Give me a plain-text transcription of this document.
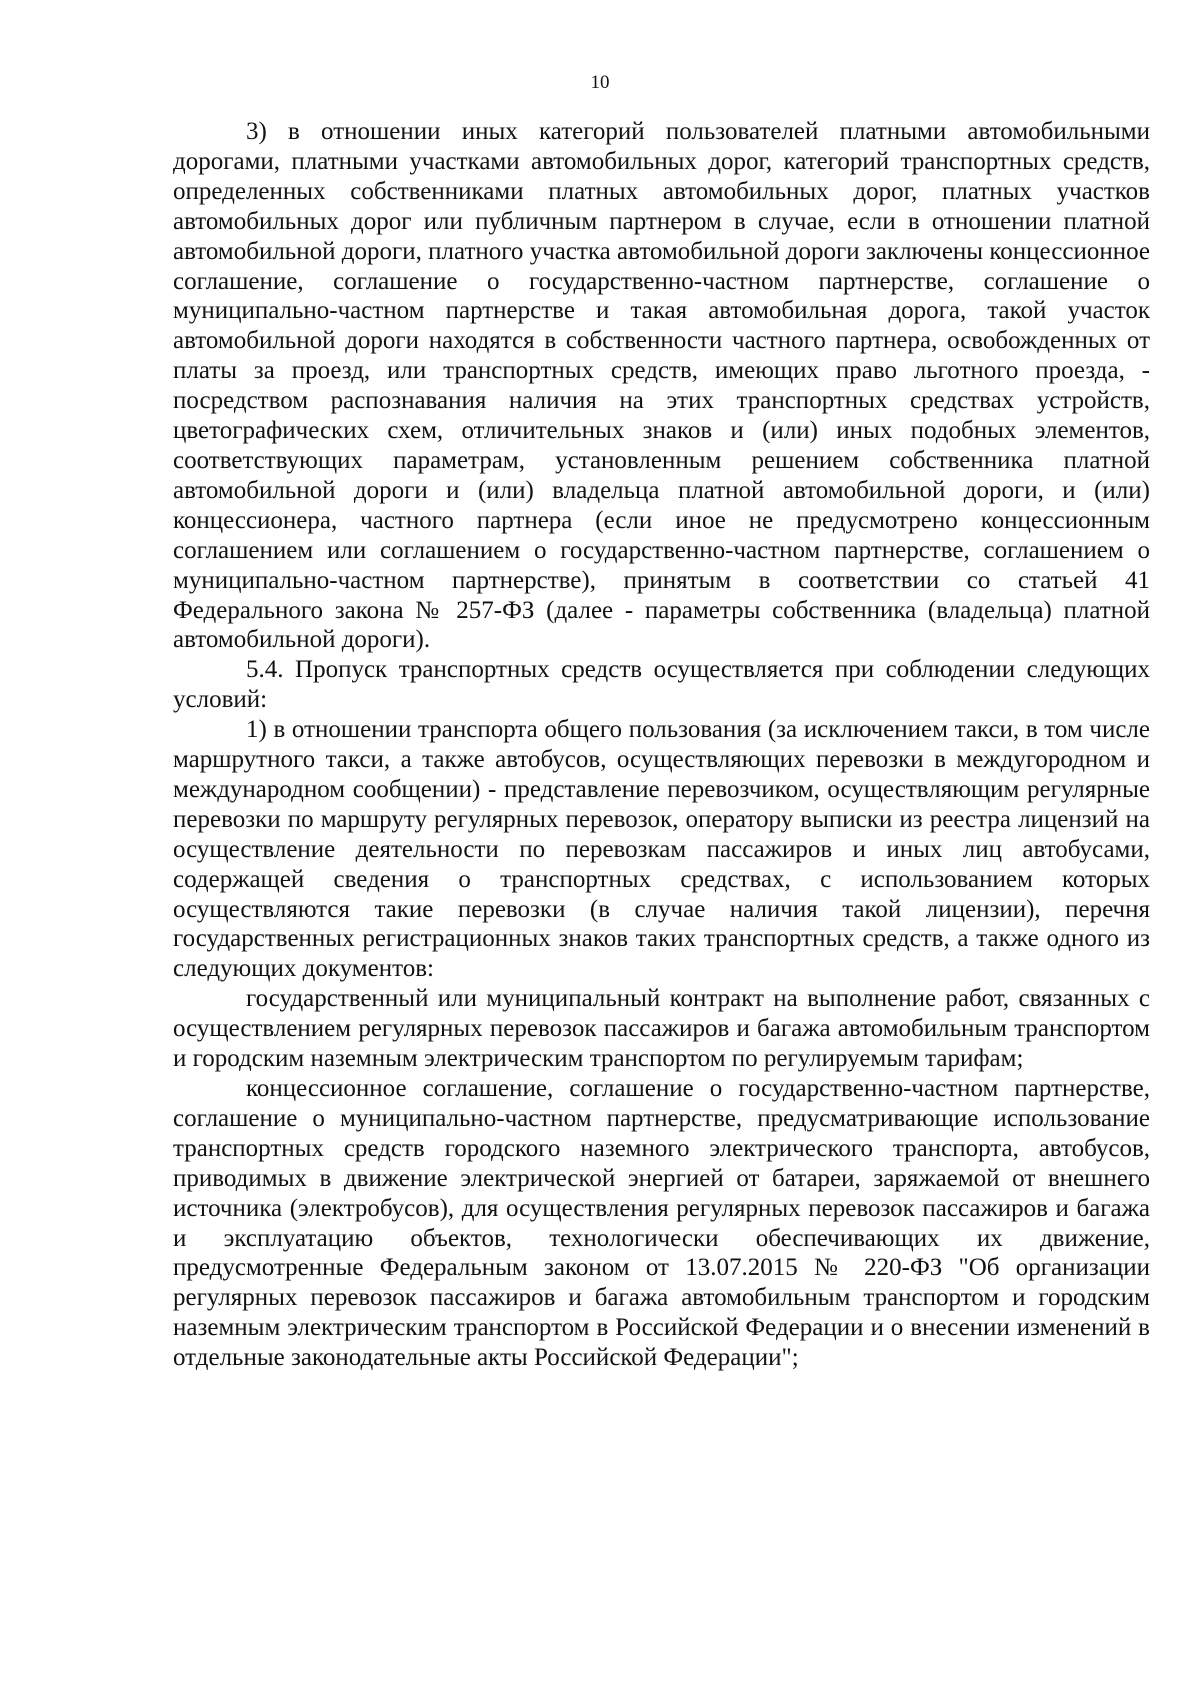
10

3) в отношении иных категорий пользователей платными автомобильными дорогами, платными участками автомобильных дорог, категорий транспортных средств, определенных собственниками платных автомобильных дорог, платных участков автомобильных дорог или публичным партнером в случае, если в отношении платной автомобильной дороги, платного участка автомобильной дороги заключены концессионное соглашение, соглашение о государственно-частном партнерстве, соглашение о муниципально-частном партнерстве и такая автомобильная дорога, такой участок автомобильной дороги находятся в собственности частного партнера, освобожденных от платы за проезд, или транспортных средств, имеющих право льготного проезда, - посредством распознавания наличия на этих транспортных средствах устройств, цветографических схем, отличительных знаков и (или) иных подобных элементов, соответствующих параметрам, установленным решением собственника платной автомобильной дороги и (или) владельца платной автомобильной дороги, и (или) концессионера, частного партнера (если иное не предусмотрено концессионным соглашением или соглашением о государственно-частном партнерстве, соглашением о муниципально-частном партнерстве), принятым в соответствии со статьей 41 Федерального закона № 257-ФЗ (далее - параметры собственника (владельца) платной автомобильной дороги).

5.4. Пропуск транспортных средств осуществляется при соблюдении следующих условий:

1) в отношении транспорта общего пользования (за исключением такси, в том числе маршрутного такси, а также автобусов, осуществляющих перевозки в междугородном и международном сообщении) - представление перевозчиком, осуществляющим регулярные перевозки по маршруту регулярных перевозок, оператору выписки из реестра лицензий на осуществление деятельности по перевозкам пассажиров и иных лиц автобусами, содержащей сведения о транспортных средствах, с использованием которых осуществляются такие перевозки (в случае наличия такой лицензии), перечня государственных регистрационных знаков таких транспортных средств, а также одного из следующих документов:

государственный или муниципальный контракт на выполнение работ, связанных с осуществлением регулярных перевозок пассажиров и багажа автомобильным транспортом и городским наземным электрическим транспортом по регулируемым тарифам;

концессионное соглашение, соглашение о государственно-частном партнерстве, соглашение о муниципально-частном партнерстве, предусматривающие использование транспортных средств городского наземного электрического транспорта, автобусов, приводимых в движение электрической энергией от батареи, заряжаемой от внешнего источника (электробусов), для осуществления регулярных перевозок пассажиров и багажа и эксплуатацию объектов, технологически обеспечивающих их движение, предусмотренные Федеральным законом от 13.07.2015 № 220-ФЗ "Об организации регулярных перевозок пассажиров и багажа автомобильным транспортом и городским наземным электрическим транспортом в Российской Федерации и о внесении изменений в отдельные законодательные акты Российской Федерации";
